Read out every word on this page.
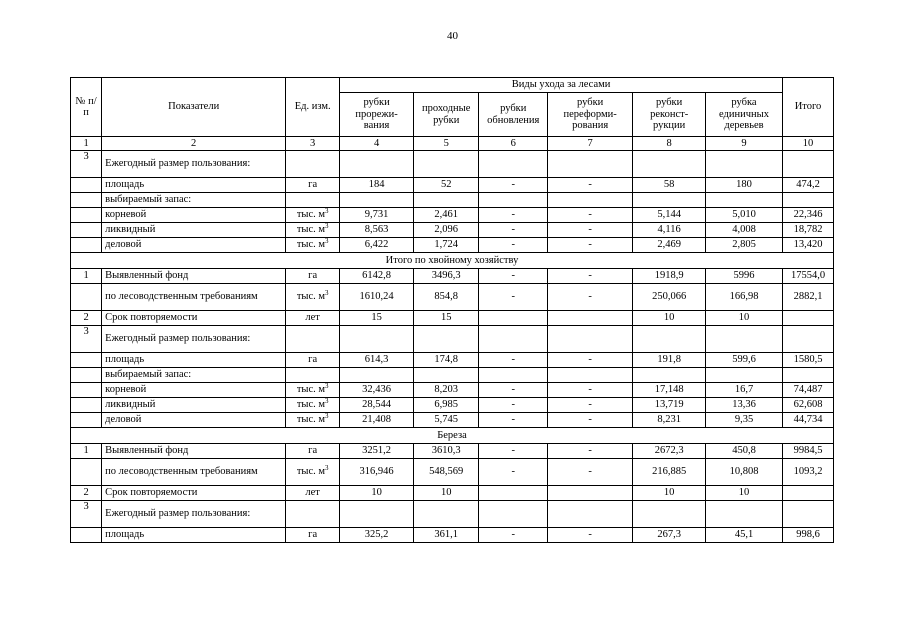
40
№ п/п	Показатели	Ед. изм.	Виды ухода за лесами						Итого
			рубки прорежи- вания	проходные рубки	рубки обновления	рубки переформи- рования	рубки реконст- рукции	рубка единичных деревьев	
1	2	3	4	5	6	7	8	9	10
3	Ежегодный размер пользования:								
	площадь	га	184	52	-	-	58	180	474,2
	выбираемый запас:								
	корневой	тыс. $м^3$	9,731	2,461	-	-	5,144	5,010	22,346
	ликвидный	тыс. $м^3$	8,563	2,096	-	-	4,116	4,008	18,782
	деловой	тыс. $м^3$	6,422	1,724	-	-	2,469	2,805	13,420
Итого по хвойному хозяйству									
1	Выявленный фонд	га	6142,8	3496,3	-	-	1918,9	5996	17554,0
	по лесоводственным требованиям	тыс. $м^3$	1610,24	854,8	-	-	250,066	166,98	2882,1
2	Срок повторяемости	лет	15	15			10	10	
3	Ежегодный размер пользования:								
	площадь	га	614,3	174,8	-	-	191,8	599,6	1580,5
	выбираемый запас:								
	корневой	тыс. $м^3$	32,436	8,203	-	-	17,148	16,7	74,487
	ликвидный	тыс. $м^3$	28,544	6,985	-	-	13,719	13,36	62,608
	деловой	тыс. $м^3$	21,408	5,745	-	-	8,231	9,35	44,734
Береза									
1	Выявленный фонд	га	3251,2	3610,3	-	-	2672,3	450,8	9984,5
	по лесоводственным требованиям	тыс. $м^3$	316,946	548,569	-	-	216,885	10,808	1093,2
2	Срок повторяемости	лет	10	10			10	10	
3	Ежегодный размер пользования:								
	площадь	га	325,2	361,1	-	-	267,3	45,1	998,6
